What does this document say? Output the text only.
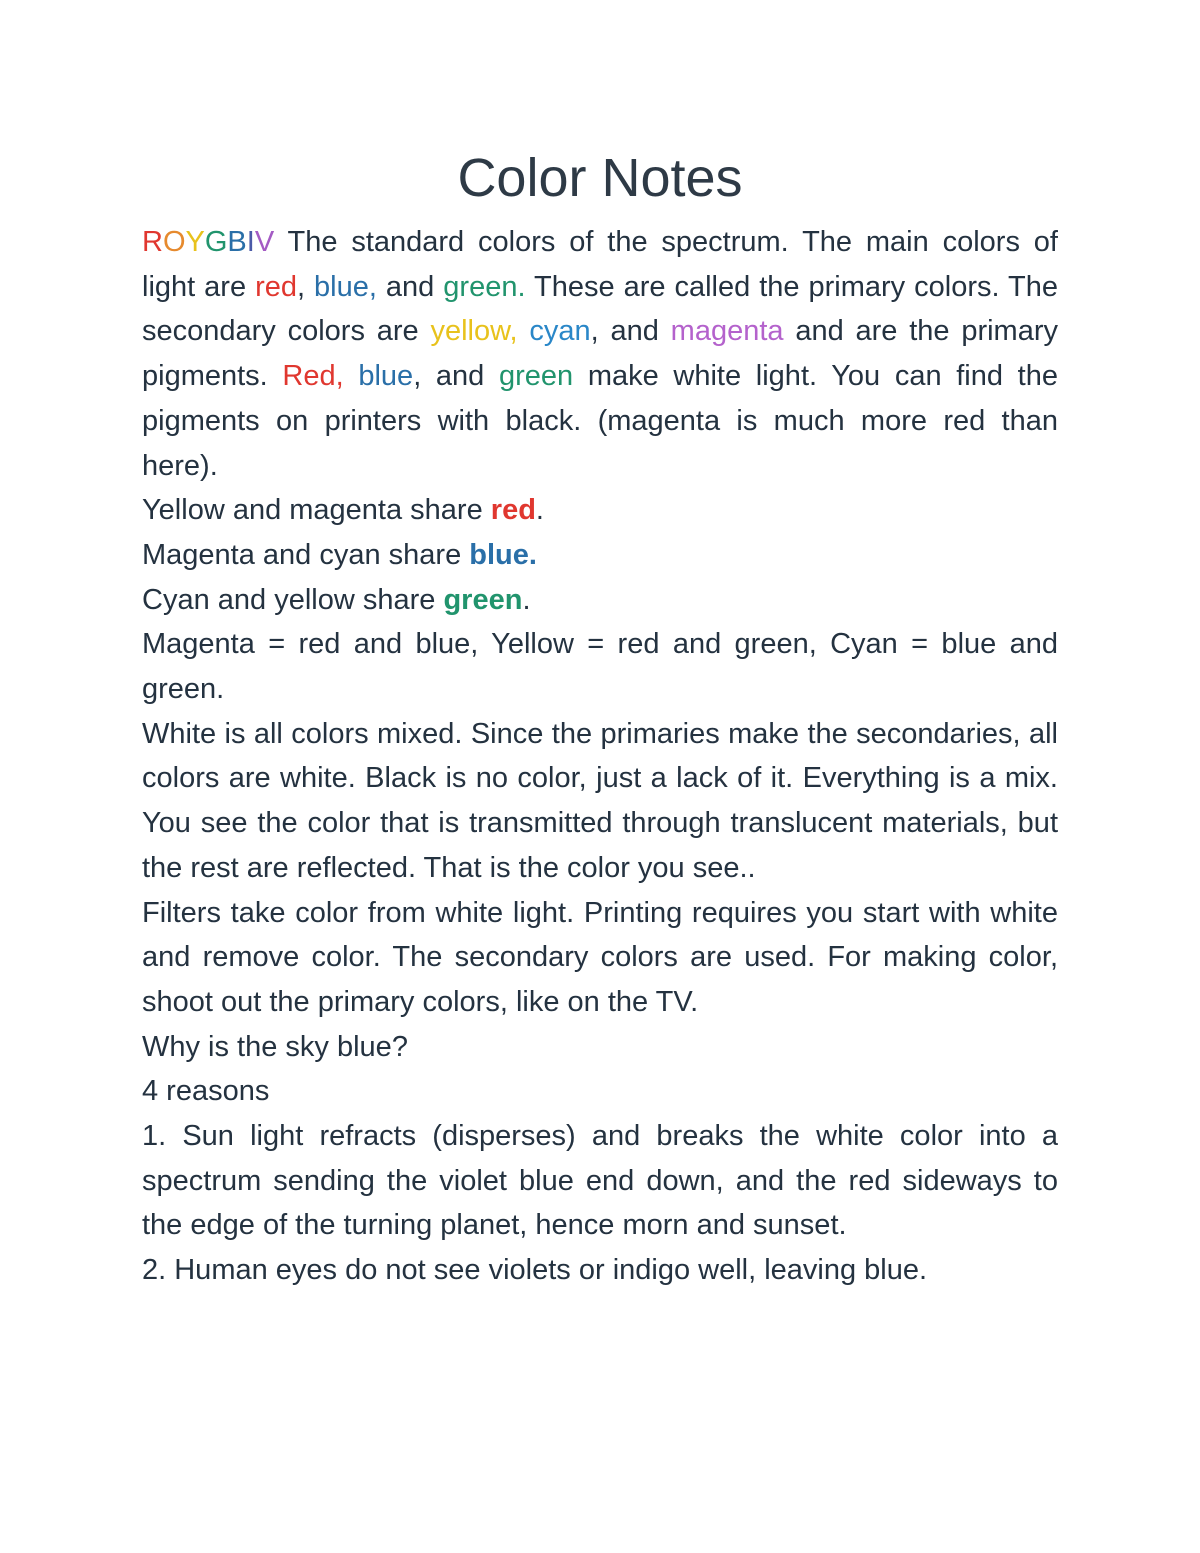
Color Notes

ROYGBIV The standard colors of the spectrum. The main colors of light are red, blue, and green. These are called the primary colors. The secondary colors are yellow, cyan, and magenta and are the primary pigments. Red, blue, and green make white light. You can find the pigments on printers with black. (magenta is much more red than here).

Yellow and magenta share red.

Magenta and cyan share blue.

Cyan and yellow share green.

Magenta = red and blue, Yellow = red and green, Cyan = blue and green.

White is all colors mixed. Since the primaries make the secondaries, all colors are white. Black is no color, just a lack of it. Everything is a mix. You see the color that is transmitted through translucent materials, but the rest are reflected. That is the color you see..

Filters take color from white light. Printing requires you start with white and remove color. The secondary colors are used. For making color, shoot out the primary colors, like on the TV.

Why is the sky blue?

4 reasons

1. Sun light refracts (disperses) and breaks the white color into a spectrum sending the violet blue end down, and the red sideways to the edge of the turning planet, hence morn and sunset.

2. Human eyes do not see violets or indigo well, leaving blue.
